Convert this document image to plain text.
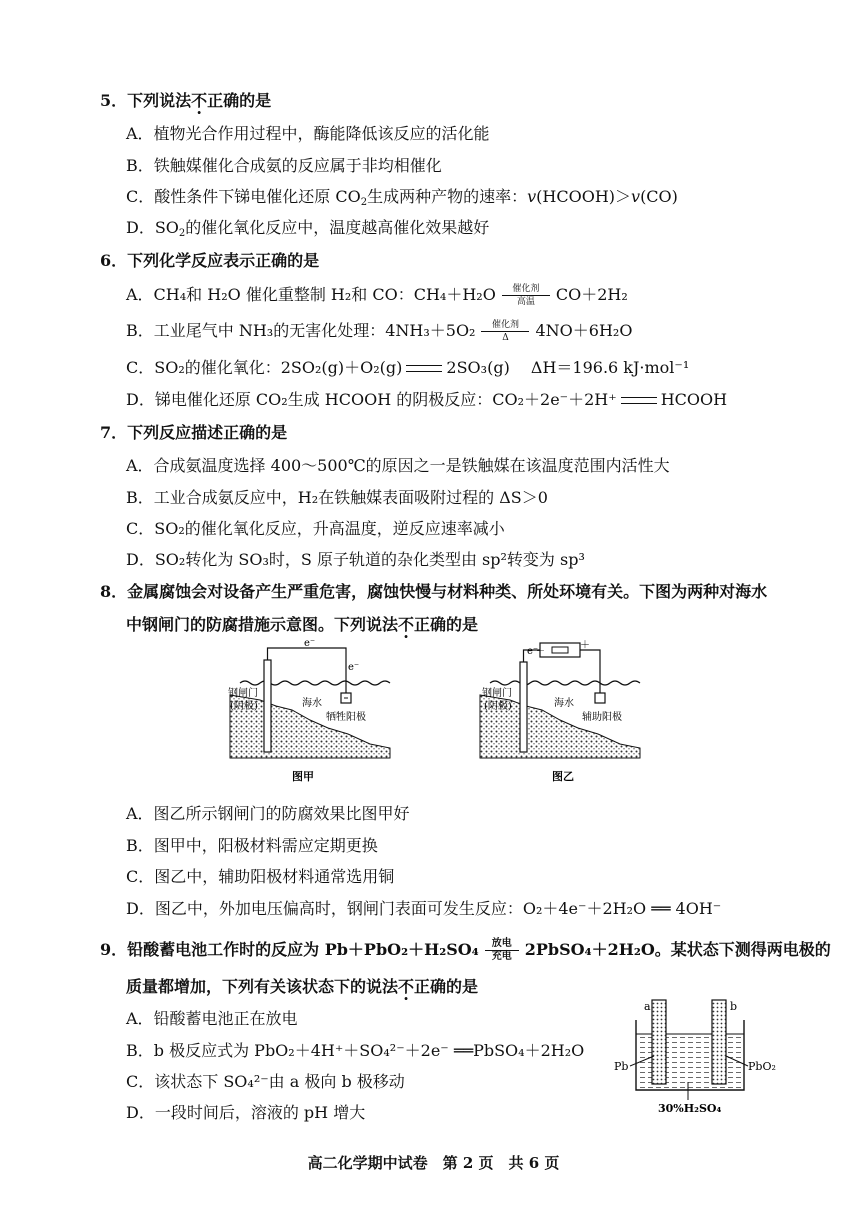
5．下列说法不正确的是
A．植物光合作用过程中，酶能降低该反应的活化能
B．铁触媒催化合成氨的反应属于非均相催化
C．酸性条件下锑电催化还原 $CO_2$生成两种产物的速率：v(HCOOH)＞v(CO)
D．$SO_2$的催化氧化反应中，温度越高催化效果越好
6．下列化学反应表示正确的是
A．CH₄和 H₂O 催化重整制 H₂和 CO：CH₄＋H₂O 催化剂
高温 CO＋2H₂
B．工业尾气中 NH₃的无害化处理：4NH₃＋5O₂ 催化剂
Δ 4NO＋6H₂O
C．SO₂的催化氧化：2SO₂(g)＋O₂(g)	2SO₃(g)　 ΔH＝196.6 kJ·mol⁻¹
D．锑电催化还原 CO₂生成 HCOOH 的阴极反应：CO₂＋2e⁻＋2H⁺	HCOOH
7．下列反应描述正确的是
A．合成氨温度选择 400～500℃的原因之一是铁触媒在该温度范围内活性大
B．工业合成氨反应中，H₂在铁触媒表面吸附过程的 ΔS＞0
C．SO₂的催化氧化反应，升高温度，逆反应速率减小
D．SO₂转化为 SO₃时，S 原子轨道的杂化类型由 sp²转变为 sp³
8．金属腐蚀会对设备产生严重危害，腐蚀快慢与材料种类、所处环境有关。下图为两种对海水
中钢闸门的防腐措施示意图。下列说法不正确的是
e⁻
e⁻
钢闸门
(阴极)	海水
牺牲阳极
图甲
e⁻
－
＋
钢闸门
(阴极)	海水
辅助阳极
图乙
A．图乙所示钢闸门的防腐效果比图甲好
B．图甲中，阳极材料需应定期更换
C．图乙中，辅助阳极材料通常选用铜
D．图乙中，外加电压偏高时，钢闸门表面可发生反应：O₂＋4e⁻＋2H₂O ══ 4OH⁻
9．铅酸蓄电池工作时的反应为 Pb＋PbO₂＋H₂SO₄ 放电
充电 2PbSO₄＋2H₂O。某状态下测得两电极的
质量都增加，下列有关该状态下的说法不正确的是
A．铅酸蓄电池正在放电
B．b 极反应式为 PbO₂＋4H⁺＋SO₄²⁻＋2e⁻ ══PbSO₄＋2H₂O
C．该状态下 SO₄²⁻由 a 极向 b 极移动
D．一段时间后，溶液的 pH 增大
a	b
Pb	PbO₂
30%H₂SO₄
高二化学期中试卷　第 2 页　共 6 页
